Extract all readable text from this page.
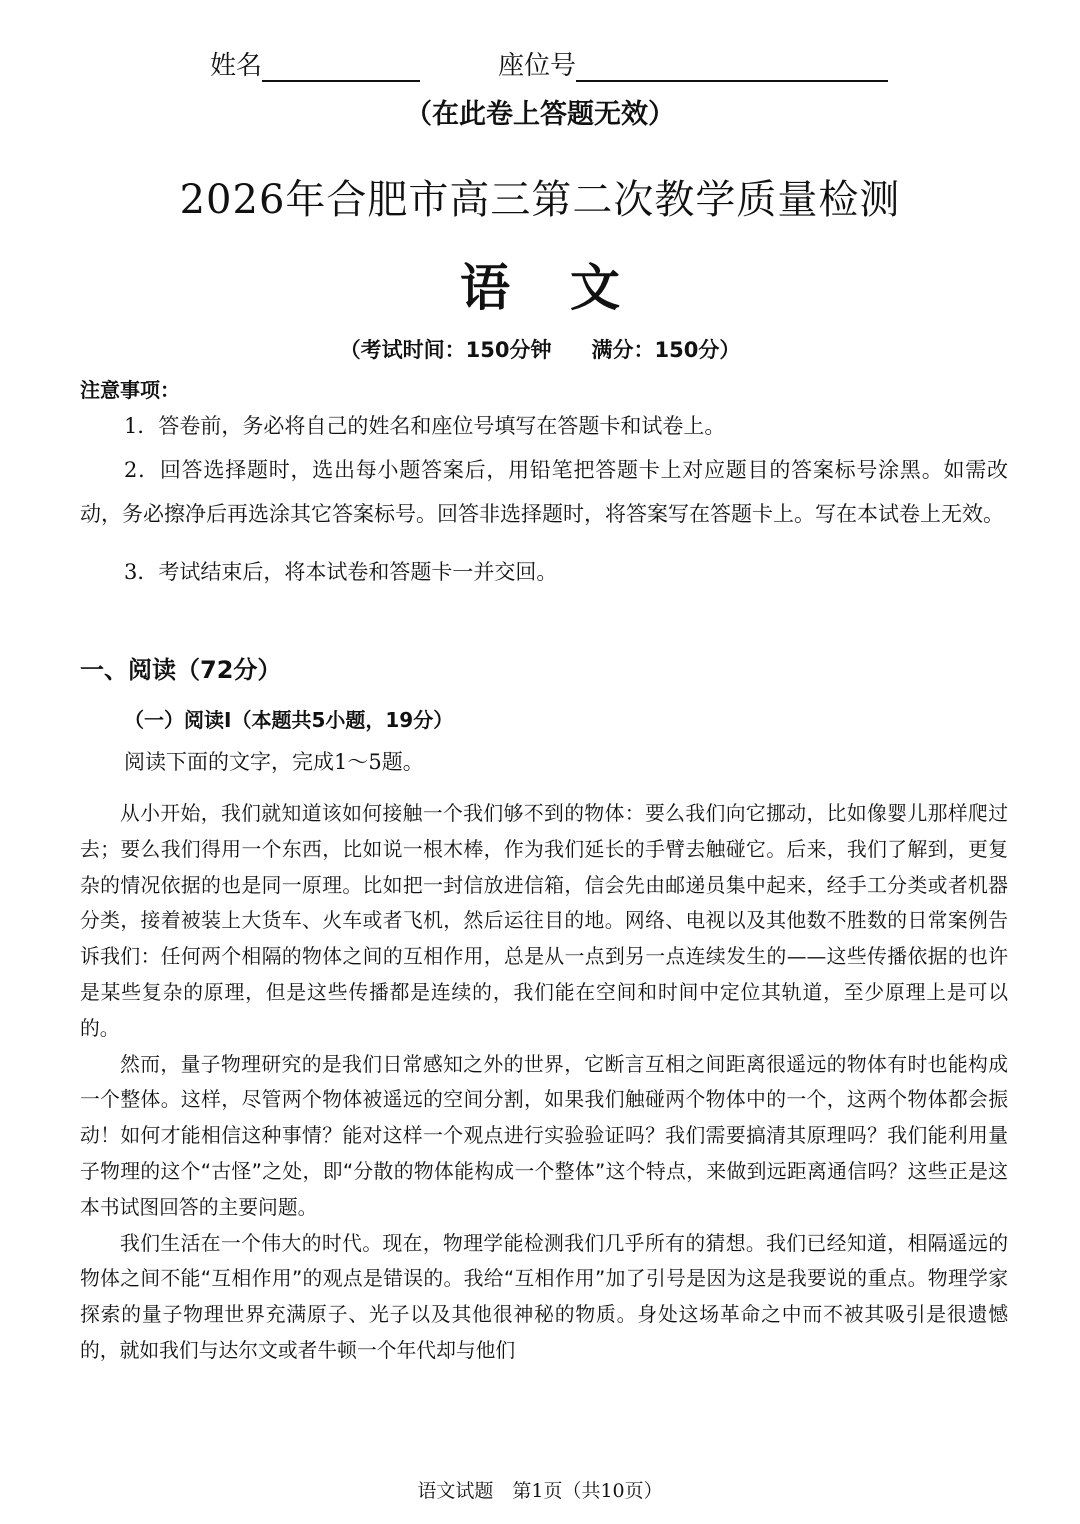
姓名	座位号
（在此卷上答题无效）
2026年合肥市高三第二次教学质量检测
语文
（考试时间：150分钟 满分：150分）
注意事项：

1．答卷前，务必将自己的姓名和座位号填写在答题卡和试卷上。

2．回答选择题时，选出每小题答案后，用铅笔把答题卡上对应题目的答案标号涂黑。如需改动，务必擦净后再选涂其它答案标号。回答非选择题时，将答案写在答题卡上。写在本试卷上无效。

3．考试结束后，将本试卷和答题卡一并交回。

一、阅读（72分）
（一）阅读Ⅰ（本题共5小题，19分）
阅读下面的文字，完成1～5题。

从小开始，我们就知道该如何接触一个我们够不到的物体：要么我们向它挪动，比如像婴儿那样爬过去；要么我们得用一个东西，比如说一根木棒，作为我们延长的手臂去触碰它。后来，我们了解到，更复杂的情况依据的也是同一原理。比如把一封信放进信箱，信会先由邮递员集中起来，经手工分类或者机器分类，接着被装上大货车、火车或者飞机，然后运往目的地。网络、电视以及其他数不胜数的日常案例告诉我们：任何两个相隔的物体之间的互相作用，总是从一点到另一点连续发生的——这些传播依据的也许是某些复杂的原理，但是这些传播都是连续的，我们能在空间和时间中定位其轨道，至少原理上是可以的。

然而，量子物理研究的是我们日常感知之外的世界，它断言互相之间距离很遥远的物体有时也能构成一个整体。这样，尽管两个物体被遥远的空间分割，如果我们触碰两个物体中的一个，这两个物体都会振动！如何才能相信这种事情？能对这样一个观点进行实验验证吗？我们需要搞清其原理吗？我们能利用量子物理的这个“古怪”之处，即“分散的物体能构成一个整体”这个特点，来做到远距离通信吗？这些正是这本书试图回答的主要问题。

我们生活在一个伟大的时代。现在，物理学能检测我们几乎所有的猜想。我们已经知道，相隔遥远的物体之间不能“互相作用”的观点是错误的。我给“互相作用”加了引号是因为这是我要说的重点。物理学家探索的量子物理世界充满原子、光子以及其他很神秘的物质。身处这场革命之中而不被其吸引是很遗憾的，就如我们与达尔文或者牛顿一个年代却与他们

语文试题　第1页（共10页）
